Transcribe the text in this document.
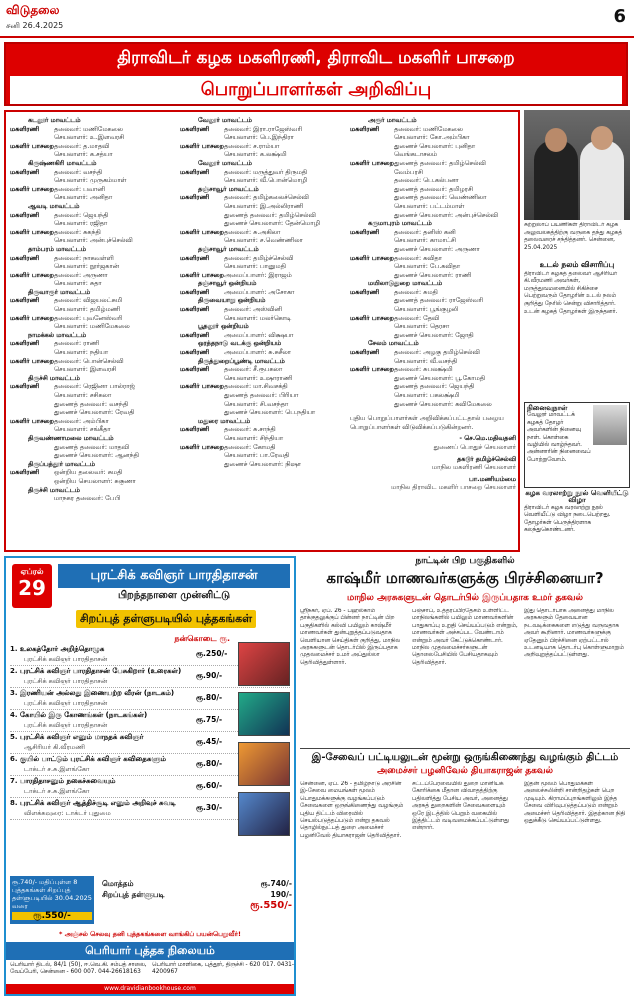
விடுதலை
சனி 26.4.2025	6
திராவிடர் கழக மகளிரணி, திராவிட மகளிர் பாசறை
பொறுப்பாளர்கள் அறிவிப்பு
கடலூர் மாவட்டம்
மகளிரணி	தலைவர்: மணிமேகலை
செயலாளர்: உ.இளவரசி
மகளிர் பாசறை தலைவர்: த.மாதவி
செயலாளர்: க.சத்யா
கிருஷ்ணகிரி மாவட்டம்
மகளிரணி	தலைவர்: வசந்தி
செயலாளர்: முருகம்மாள்
மகளிர் பாசறை தலைவர்: பவானி
செயலாளர்: அனிதா
ஆவடி மாவட்டம்
மகளிரணி	தலைவர்: ஜெயந்தி
செயலாளர்: ரஜிதா
மகளிர் பாசறை தலைவர்: சுகந்தி
செயலாளர்: அன்புச்செல்வி
தாம்பரம் மாவட்டம்
மகளிரணி	தலைவர்: நாகவள்ளி
செயலாளர்: நூர்ஜகான்
மகளிர் பாசறை தலைவர்: அருணா
செயலாளர்: சுதா
திருவாரூர் மாவட்டம்
மகளிரணி	தலைவர்: விஜயலட்சுமி
செயலாளர்: தமிழ்மணி
மகளிர் பாசறை தலைவர்: புவனேஸ்வரி
செயலாளர்: மணிமேகலை
நாமக்கல் மாவட்டம்
மகளிரணி	தலைவர்: ராணி
செயலாளர்: நதியா
மகளிர் பாசறை தலைவர்: பொன்செல்வி
செயலாளர்: இளவரசி
திருச்சி மாவட்டம்
மகளிரணி	தலைவர்: ரெஜினா பால்ராஜ்
செயலாளர்: சசிகலா
துணைத் தலைவர்: வசந்தி
துணைச் செயலாளர்: ரேவதி
மகளிர் பாசறை தலைவர்: அம்பிகா
செயலாளர்: சங்கீதா
திருவண்ணாமலை மாவட்டம்
துணைத் தலைவர்: மாதவி
துணைச் செயலாளர்: ஆனந்தி
திருப்பத்தூர் மாவட்டம்
மகளிரணி	ஒன்றிய தலைவர்: சுமதி
ஒன்றிய செயலாளர்: சுகுணா
திருச்சி மாவட்டம்
மாநகர தலைவர்: பேபி
வேலூர் மாவட்டம்
மகளிரணி	தலைவர்: இரா.ராஜேஸ்வரி
செயலாளர்: பெ.இந்திரா
மகளிர் பாசறை தலைவர்: ச.ராம்யா
செயலாளர்: க.லக்ஷ்மி
வேலூர் மாவட்டம்
மகளிரணி	தலைவர்: மருத்துவர் திருமதி
செயலாளர்: வீ.பொன்மொழி
தஞ்சாவூர் மாவட்டம்
மகளிரணி	தலைவர்: தமிழ்கலைச்செல்வி
செயலாளர்: இ.அல்லிராணி
துணைத் தலைவர்: தமிழ்செல்வி
துணைச் செயலாளர்: தேன்மொழி
மகளிர் பாசறை தலைவர்: சு.அகிலா
செயலாளர்: ச.வெண்ணிலா
தஞ்சாவூர் மாவட்டம்
மகளிரணி	தலைவர்: தமிழ்ச்செல்வி
செயலாளர்: பானுமதி
மகளிர் பாசறை அமைப்பாளர்: இராஜம்
தஞ்சாவூர் ஒன்றியம்
மகளிரணி	அமைப்பாளர்: அசோகா
திருவையாறு ஒன்றியம்
மகளிரணி	தலைவர்: அஸ்வினி
செயலாளர்: மலர்கொடி
பூதலூர் ஒன்றியம்
மகளிரணி	அமைப்பாளர்: விக்ஷயா
ஒரத்தநாடு வடக்கு ஒன்றியம்
மகளிரணி	அமைப்பாளர்: சு.சுசீலா
திருத்துறைப்பூண்டி மாவட்டம்
மகளிரணி	தலைவர்: சீ.ரூபகலா
செயலாளர்: உஷாராணி
மகளிர் பாசறை தலைவர்: மா.சிவசக்தி
துணைத் தலைவர்: பிரியா
செயலாளர்: சி.வசந்தா
துணைச் செயலாளர்: பெ.நதியா
மதுரை மாவட்டம்
மகளிரணி	தலைவர்: சு.சாந்தி
செயலாளர்: சிந்தியா
மகளிர் பாசறை தலைவர்: கோமதி
செயலாளர்: பா.ரேவதி
துணைச் செயலாளர்: நிஷா
அரூர் மாவட்டம்
மகளிரணி	தலைவர்: மணிமேகலை
செயலாளர்: கோ.அம்பிகா
துணைச் செயலாளர்: புனிதா
வெங்கடாசலம்
மகளிர் பாசறை துணைத் தலைவர்: தமிழ்செல்வி
வேம்பரசி
தலைவர்: பெ.கல்பனா
துணைத் தலைவர்: தமிழரசி
துணைத் தலைவர்: வெண்ணிலா
செயலாளர்: பட்டம்மாள்
துணைச் செயலாளர்: அன்புச்செல்வி
கருமாபுரம் மாவட்டம்
மகளிரணி	தலைவர்: தனிஸ் கனி
செயலாளர்: காமாட்சி
துணைச் செயலாளர்: அருணா
மகளிர் பாசறை தலைவர்: கவிதா
செயலாளர்: பே.கவிதா
துணைச் செயலாளர்: ராணி
மயிலாடுதுறை மாவட்டம்
மகளிரணி	தலைவர்: சுமதி
துணைத் தலைவர்: ராஜேஸ்வரி
செயலாளர்: பூங்குழலி
மகளிர் பாசறை தலைவர்: தேவி
செயலாளர்: தெரசா
துணைச் செயலாளர்: ஜோதி
சேலம் மாவட்டம்
மகளிரணி	தலைவர்: அழகு தமிழ்செல்வி
செயலாளர்: வீ.வசந்தி
மகளிர் பாசறை தலைவர்: சுபலக்ஷ்மி
துணைச் செயலாளர்: பூ.கோமதி
துணைத் தலைவர்: ஜெயந்தி
செயலாளர்: பகலக்ஷ்மி
துணைச் செயலாளர்: கவிமேகலை
புதிய பொறுப்பாளர்கள் அறிவிக்கப்பட்டதால் பழைய பொறுப்பாளர்கள் விடுவிக்கப்படுகின்றனர்.
- செ.மெ.மதிவதனி
துணைப் பொதுச் செயலாளர்
தகடூர் தமிழ்ச்செல்வி
மாநில மகளிரணி செயலாளர்
பா.மணியம்மை
மாநில திராவிட மகளிர் பாசறை செயலாளர்
சுற்றுலாப் பயணிகள் திராவிடர் கழக அலுவலகத்திற்கு வருகை தந்து கழகத் தலைவரைச் சந்தித்தனர். சென்னை, 25.04.2025
உடல் நலம் விசாரிப்பு
திராவிடர் கழகத் தலைவர் ஆசிரியர் கி.வீரமணி அவர்கள், மருத்துவமனையில் சிகிச்சை பெற்றுவரும் தோழரின் உடல் நலம் குறித்து நேரில் சென்று விசாரித்தார். உடன் கழகத் தோழர்கள் இருந்தனர்.
நினைவுநாள்
வேலூர் மாவட்டக் கழகத் தோழர் அவர்களின் நினைவு நாள். கொள்கை வழியில் வாழ்ந்தவர். அன்னாரின் நினைவைப் போற்றுவோம்.
கழக வரலாற்று நூல் வெளியீட்டு விழா
திராவிடர் கழக வரலாற்று நூல் வெளியீட்டு விழா நடைபெற்றது. தோழர்கள் பெருந்திரளாக கலந்துகொண்டனர்.
ஏப்ரல்
29
புரட்சிக் கவிஞர் பாரதிதாசன்
பிறந்தநாளை முன்னிட்டு
சிறப்புத் தள்ளுபடியில் புத்தகங்கள்
நன்கொடை ரூ.
1. உலகத்தோர் அறிந்தொழுக
புரட்சிக் கவிஞர் பாரதிதாசன்
ரூ.250/-
2. புரட்சிக் கவிஞர் பாரதிதாசன் பேசுகிறார் (உரைகள்)
புரட்சிக் கவிஞர் பாரதிதாசன்
ரூ.90/-
3. இரணியன் அல்லது இணையற்ற வீரன் (நாடகம்)
புரட்சிக் கவிஞர் பாரதிதாசன்
ரூ.80/-
4. கோயில் இரு கோணங்கள் (நாடகங்கள்)
புரட்சிக் கவிஞர் பாரதிதாசன்
ரூ.75/-
5. புரட்சிக் கவிஞர் எனும் மாநதக் கவிஞர்
ஆசிரியர் கி.வீரமணி
ரூ.45/-
6. குயில் பாட்டும் புரட்சிக் கவிஞர் கவிதைகளும்
டாக்டர் ச.சு.இளங்கோ
ரூ.80/-
7. பாரதிதாசனும் நகைச்சுவையும்
டாக்டர் ச.சு.இளங்கோ
ரூ.60/-
8. புரட்சிக் கவிஞர் ஆத்திச்சூடி எனும் அறிவுச் சுவடி
விளக்கவுரை: டாக்டர் புதுமை
ரூ.30/-
ரூ.740/- மதிப்புள்ள 8 புத்தகங்கள் சிறப்புத் தள்ளுபடியில் 30.04.2025 வரை
ரூ.550/-
மொத்தம்	ரூ.740/-
சிறப்புத் தள்ளுபடி	190/-
ரூ.550/-
* அஞ்சல் செலவு தனி புத்தகங்களை வாங்கிப் பயன்பெறுவீர்!
பெரியார் புத்தக நிலையம்
பெரியார் திடல், 84/1 (50), ஈ.வெ.கி. சம்பத் சாலை, வேப்பேரி, சென்னை - 600 007. 044-26618163
பெரியார் மாளிகை, புத்தூர், திருச்சி - 620 017. 0431-4200967
www.dravidianbookhouse.com
நாட்டின் பிற பகுதிகளில்
காஷ்மீர் மாணவர்களுக்கு பிரச்சினையா?
மாநில அரசுகளுடன் தொடர்பில் இருப்பதாக உமர் தகவல்
ஸ்ரீநகர், ஏப். 26 - பஹல்காம் தாக்குதலுக்குப் பின்னர் நாட்டின் பிற பகுதிகளில் கல்வி பயிலும் காஷ்மீர் மாணவர்கள் துன்புறுத்தப்படுவதாக வெளியான செய்திகள் குறித்து, மாநில அரசுகளுடன் தொடர்பில் இருப்பதாக முதலமைச்சர் உமர் அப்துல்லா தெரிவித்துள்ளார்.
பஞ்சாப், உத்தரப்பிரதேசம் உள்ளிட்ட மாநிலங்களில் பயிலும் மாணவர்களின் பாதுகாப்பு உறுதி செய்யப்படும் என்றும், மாணவர்கள் அச்சப்பட வேண்டாம் என்றும் அவர் கேட்டுக்கொண்டார். மாநில முதலமைச்சர்களுடன் தொலைபேசியில் பேசியதாகவும் தெரிவித்தார்.
இது தொடர்பாக அனைத்து மாநில அரசுகளும் தேவையான நடவடிக்கைகளை எடுத்து வருவதாக அவர் கூறினார். மாணவர்களுக்கு ஏதேனும் பிரச்சினை ஏற்பட்டால் உடனடியாக தொடர்பு கொள்ளுமாறும் அறிவுறுத்தப்பட்டுள்ளது.
இ-சேவைப் பட்டியலுடன் மூன்று ஒருங்கிணைந்து வழங்கும் திட்டம்
அமைச்சர் பழனிவேல் தியாகராஜன் தகவல்
சென்னை, ஏப். 26 - தமிழ்நாடு அரசின் இ-சேவை மையங்கள் மூலம் பொதுமக்களுக்கு வழங்கப்படும் சேவைகளை ஒருங்கிணைந்து வழங்கும் புதிய திட்டம் விரைவில் செயல்படுத்தப்படும் என்று தகவல் தொழில்நுட்பத் துறை அமைச்சர் பழனிவேல் தியாகராஜன் தெரிவித்தார்.
சட்டப்பேரவையில் துறை மானியக் கோரிக்கை மீதான விவாதத்திற்கு பதிலளித்து பேசிய அவர், அனைத்து அரசுத் துறைகளின் சேவைகளையும் ஒரே இடத்தில் பெறும் வகையில் இத்திட்டம் வடிவமைக்கப்பட்டுள்ளது என்றார்.
இதன் மூலம் பொதுமக்கள் அலைச்சலின்றி சான்றிதழ்கள் பெற முடியும். கிராமப்புறங்களிலும் இந்த சேவை விரிவுபடுத்தப்படும் என்றும் அமைச்சர் தெரிவித்தார். இதற்கான நிதி ஒதுக்கீடு செய்யப்பட்டுள்ளது.
